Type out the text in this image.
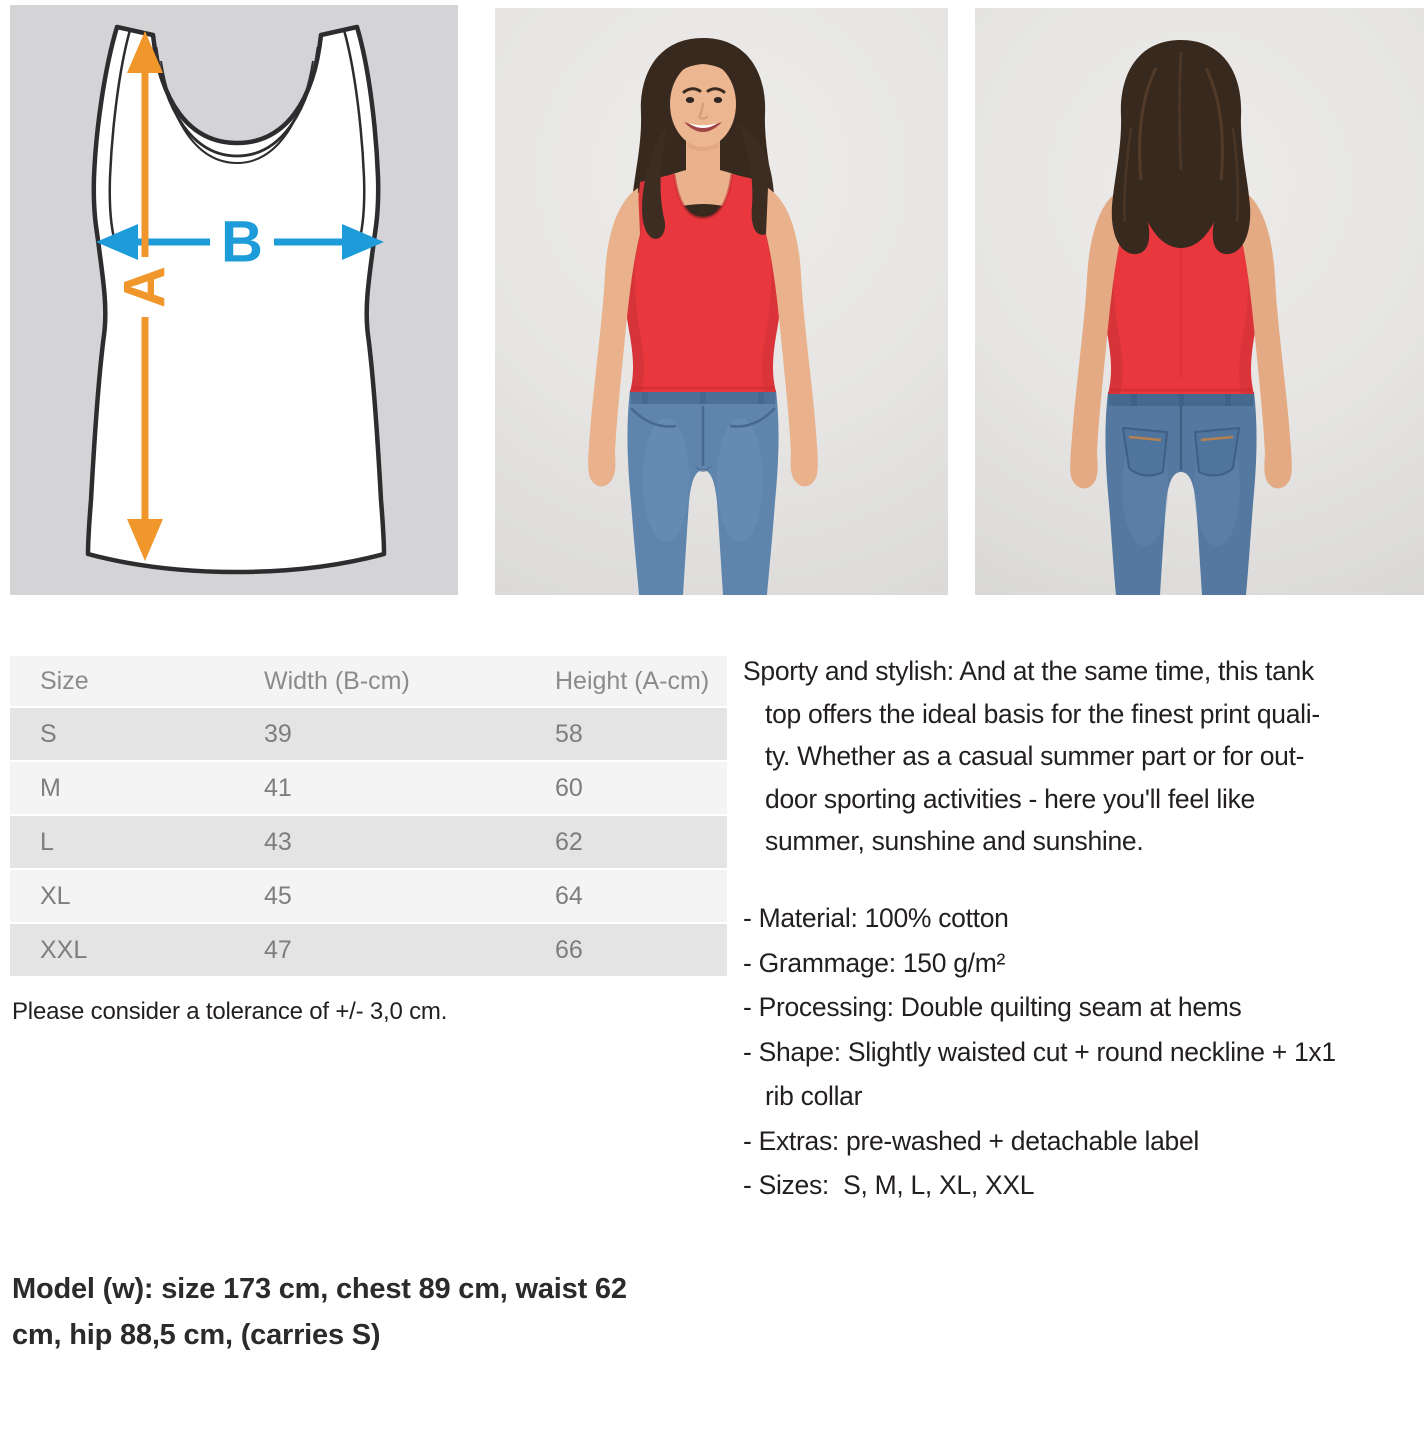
B
A
Size	Width (B-cm)	Height (A-cm)
S	39	58
M	41	60
L	43	62
XL	45	64
XXL	47	66

Please consider a tolerance of +/- 3,0 cm.

Sporty and stylish: And at the same time, this tank
top offers the ideal basis for the finest print quali-
ty. Whether as a casual summer part or for out-
door sporting activities - here you'll feel like
summer, sunshine and sunshine.
- Material: 100% cotton
- Grammage: 150 g/m²
- Processing: Double quilting seam at hems
- Shape: Slightly waisted cut + round neckline + 1x1
rib collar
- Extras: pre-washed + detachable label
- Sizes:  S, M, L, XL, XXL
Model (w): size 173 cm, chest 89 cm, waist 62
cm, hip 88,5 cm, (carries S)
